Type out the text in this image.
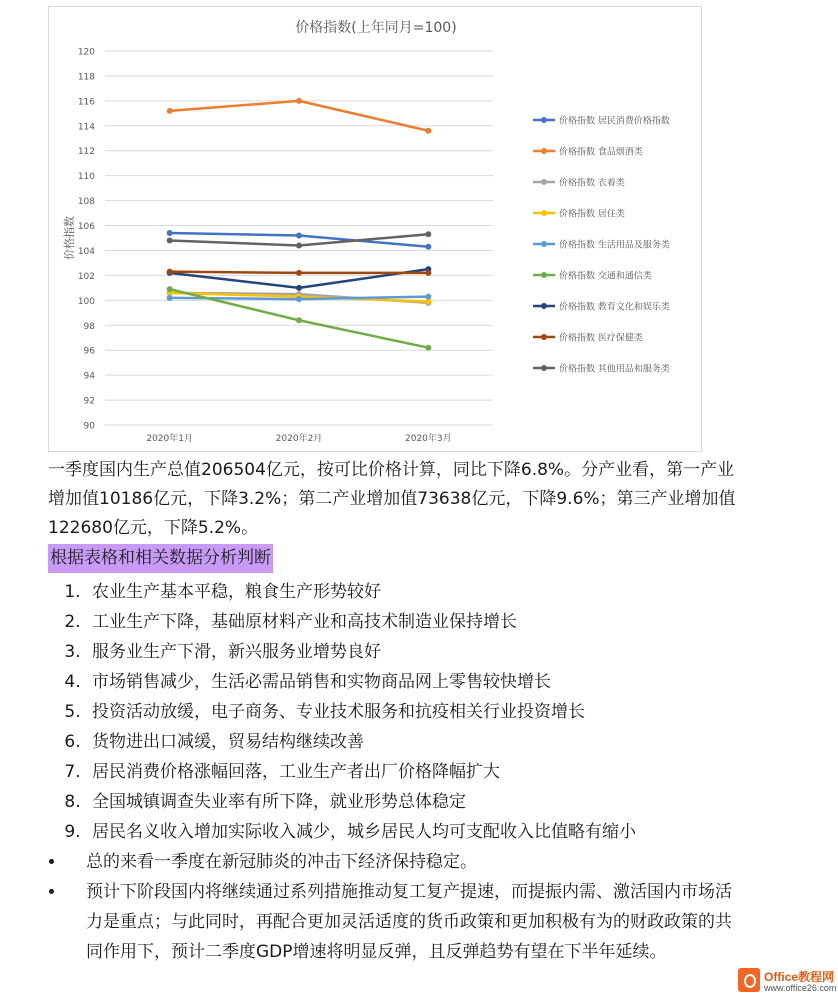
价格指数(上年同月=100)
价格指数
90
92
94
96
98
100
102
104
106
108
110
112
114
116
118
120
2020年1月	2020年2月	2020年3月
价格指数 居民消费价格指数
价格指数 食品烟酒类
价格指数 衣着类
价格指数 居住类
价格指数 生活用品及服务类
价格指数 交通和通信类
价格指数 教育文化和娱乐类
价格指数 医疗保健类
价格指数 其他用品和服务类

一季度国内生产总值206504亿元，按可比价格计算，同比下降6.8%。分产业看，第一产业增加值10186亿元，下降3.2%；第二产业增加值73638亿元，下降9.6%；第三产业增加值122680亿元，下降5.2%。

根据表格和相关数据分析判断
1. 农业生产基本平稳，粮食生产形势较好
2. 工业生产下降，基础原材料产业和高技术制造业保持增长
3. 服务业生产下滑，新兴服务业增势良好
4. 市场销售减少，生活必需品销售和实物商品网上零售较快增长
5. 投资活动放缓，电子商务、专业技术服务和抗疫相关行业投资增长
6. 货物进出口减缓，贸易结构继续改善
7. 居民消费价格涨幅回落，工业生产者出厂价格降幅扩大
8. 全国城镇调查失业率有所下降，就业形势总体稳定
9. 居民名义收入增加实际收入减少，城乡居民人均可支配收入比值略有缩小
• 总的来看一季度在新冠肺炎的冲击下经济保持稳定。
• 预计下阶段国内将继续通过系列措施推动复工复产提速，而提振内需、激活国内市场活力是重点；与此同时，再配合更加灵活适度的货币政策和更加积极有为的财政政策的共同作用下，预计二季度GDP增速将明显反弹，且反弹趋势有望在下半年延续。
Office教程网
www.office26.com
